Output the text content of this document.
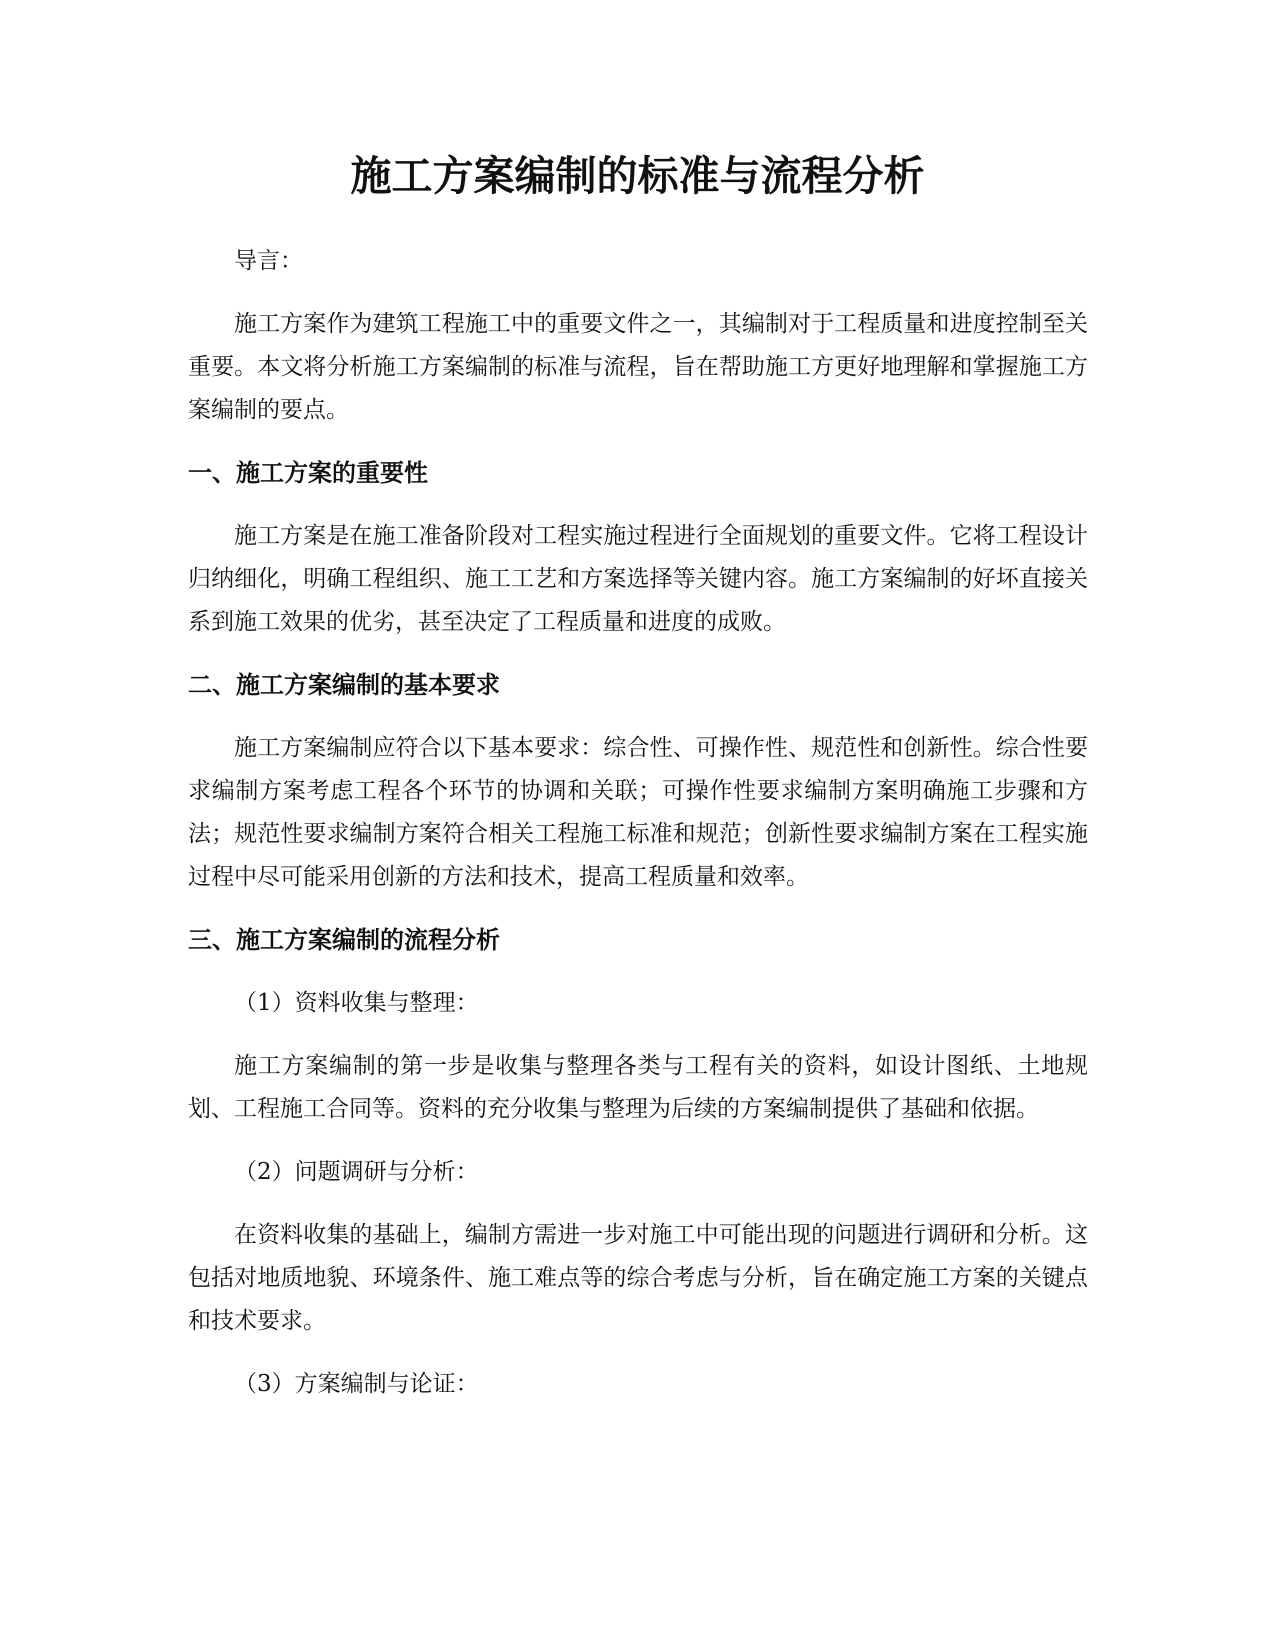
施工方案编制的标准与流程分析

导言：

施工方案作为建筑工程施工中的重要文件之一，其编制对于工程质量和进度控制至关重要。本文将分析施工方案编制的标准与流程，旨在帮助施工方更好地理解和掌握施工方案编制的要点。

一、施工方案的重要性

施工方案是在施工准备阶段对工程实施过程进行全面规划的重要文件。它将工程设计归纳细化，明确工程组织、施工工艺和方案选择等关键内容。施工方案编制的好坏直接关系到施工效果的优劣，甚至决定了工程质量和进度的成败。

二、施工方案编制的基本要求

施工方案编制应符合以下基本要求：综合性、可操作性、规范性和创新性。综合性要求编制方案考虑工程各个环节的协调和关联；可操作性要求编制方案明确施工步骤和方法；规范性要求编制方案符合相关工程施工标准和规范；创新性要求编制方案在工程实施过程中尽可能采用创新的方法和技术，提高工程质量和效率。

三、施工方案编制的流程分析

（1）资料收集与整理：

施工方案编制的第一步是收集与整理各类与工程有关的资料，如设计图纸、土地规划、工程施工合同等。资料的充分收集与整理为后续的方案编制提供了基础和依据。

（2）问题调研与分析：

在资料收集的基础上，编制方需进一步对施工中可能出现的问题进行调研和分析。这包括对地质地貌、环境条件、施工难点等的综合考虑与分析，旨在确定施工方案的关键点和技术要求。

（3）方案编制与论证：
